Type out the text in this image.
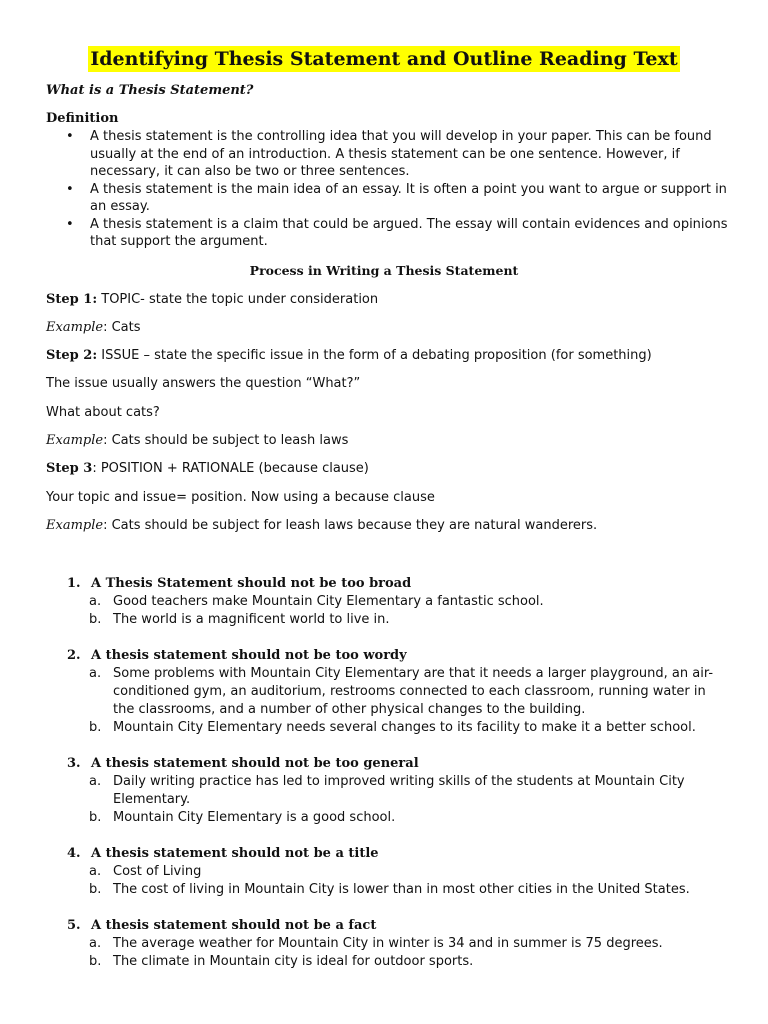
Identifying Thesis Statement and Outline Reading Text
What is a Thesis Statement?
Definition
• A thesis statement is the controlling idea that you will develop in your paper. This can be found usually at the end of an introduction. A thesis statement can be one sentence. However, if necessary, it can also be two or three sentences.
• A thesis statement is the main idea of an essay. It is often a point you want to argue or support in an essay.
• A thesis statement is a claim that could be argued. The essay will contain evidences and opinions that support the argument.
Process in Writing a Thesis Statement
Step 1: TOPIC- state the topic under consideration
Example: Cats
Step 2: ISSUE – state the specific issue in the form of a debating proposition (for something)
The issue usually answers the question “What?”
What about cats?
Example: Cats should be subject to leash laws
Step 3: POSITION + RATIONALE (because clause)
Your topic and issue= position. Now using a because clause
Example: Cats should be subject for leash laws because they are natural wanderers.
1. A Thesis Statement should not be too broad
a. Good teachers make Mountain City Elementary a fantastic school.
b. The world is a magnificent world to live in.
2. A thesis statement should not be too wordy
a. Some problems with Mountain City Elementary are that it needs a larger playground, an air-conditioned gym, an auditorium, restrooms connected to each classroom, running water in the classrooms, and a number of other physical changes to the building.
b. Mountain City Elementary needs several changes to its facility to make it a better school.
3. A thesis statement should not be too general
a. Daily writing practice has led to improved writing skills of the students at Mountain City Elementary.
b. Mountain City Elementary is a good school.
4. A thesis statement should not be a title
a. Cost of Living
b. The cost of living in Mountain City is lower than in most other cities in the United States.
5. A thesis statement should not be a fact
a. The average weather for Mountain City in winter is 34 and in summer is 75 degrees.
b. The climate in Mountain city is ideal for outdoor sports.
